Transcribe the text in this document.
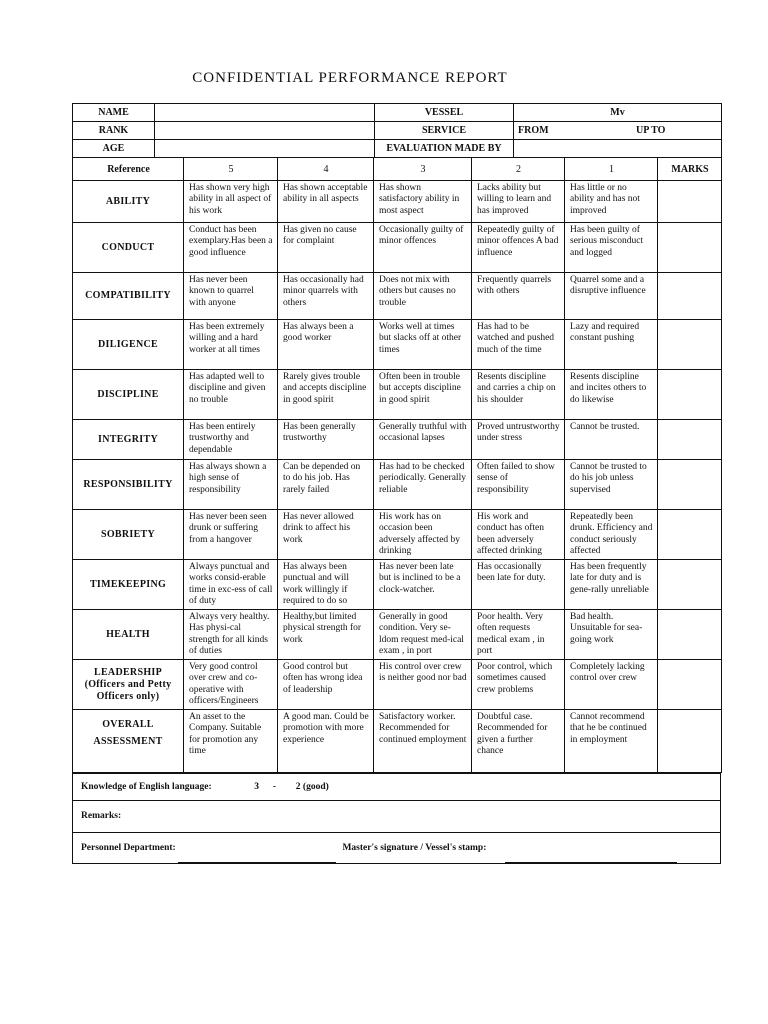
CONFIDENTIAL PERFORMANCE REPORT
NAME		VESSEL	Mv
RANK		SERVICE	FROM UP TO
AGE		EVALUATION MADE BY	
Reference	5	4	3	2	1	MARKS
ABILITY	Has shown very high ability in all aspect of his work	Has shown acceptable ability in all aspects	Has shown satisfactory ability in most aspect	Lacks ability but willing to learn and has improved	Has little or no ability and has not improved	
CONDUCT	Conduct has been exemplary.Has been a good influence	Has given no cause for complaint	Occasionally guilty of minor offences	Repeatedly guilty of minor offences A bad influence	Has been guilty of serious misconduct and logged	
COMPATIBILITY	Has never been known to quarrel with anyone	Has occasionally had minor quarrels with others	Does not mix with others but causes no trouble	Frequently quarrels with others	Quarrel some and a disruptive influence	
DILIGENCE	Has been extremely willing and a hard worker at all times	Has always been a good worker	Works well at times but slacks off at other times	Has had to be watched and pushed much of the time	Lazy and required constant pushing	
DISCIPLINE	Has adapted well to discipline and given no trouble	Rarely gives trouble and accepts discipline in good spirit	Often been in trouble but accepts discipline in good spirit	Resents discipline and carries a chip on his shoulder	Resents discipline and incites others to do likewise	
INTEGRITY	Has been entirely trustworthy and dependable	Has been generally trustworthy	Generally truthful with occasional lapses	Proved untrustworthy under stress	Cannot be trusted.	
RESPONSIBILITY	Has always shown a high sense of responsibility	Can be depended on to do his job. Has rarely failed	Has had to be checked periodically. Generally reliable	Often failed to show sense of responsibility	Cannot be trusted to do his job unless supervised	
SOBRIETY	Has never been seen drunk or suffering from a hangover	Has never allowed drink to affect his work	His work has on occasion been adversely affected by drinking	His work and conduct has often been adversely affected drinking	Repeatedly been drunk. Efficiency and conduct seriously affected	
TIMEKEEPING	Always punctual and works consid-erable time in exc-ess of call of duty	Has always been punctual and will work willingly if required to do so	Has never been late but is inclined to be a clock-watcher.	Has occasionally been late for duty.	Has been frequently late for duty and is gene-rally unreliable	
HEALTH	Always very healthy. Has physi-cal strength for all kinds of duties	Healthy,but limited physical strength for work	Generally in good condition. Very se-ldom request med-ical exam , in port	Poor health. Very often requests medical exam , in port	Bad health. Unsuitable for sea-going work	
LEADERSHIP (Officers and Petty Officers only)	Very good control over crew and co-operative with officers/Engineers	Good control but often has wrong idea of leadership	His control over crew is neither good nor bad	Poor control, which sometimes caused crew problems	Completely lacking control over crew	
OVERALL ASSESSMENT	An asset to the Company. Suitable for promotion any time	A good man. Could be promotion with more experience	Satisfactory worker. Recommended for continued employment	Doubtful case. Recommended for given a further chance	Cannot recommend that he be continued in employment	
Knowledge of English language:	3 - 2 (good)
Remarks:
Personnel Department:	Master's signature / Vessel's stamp:
